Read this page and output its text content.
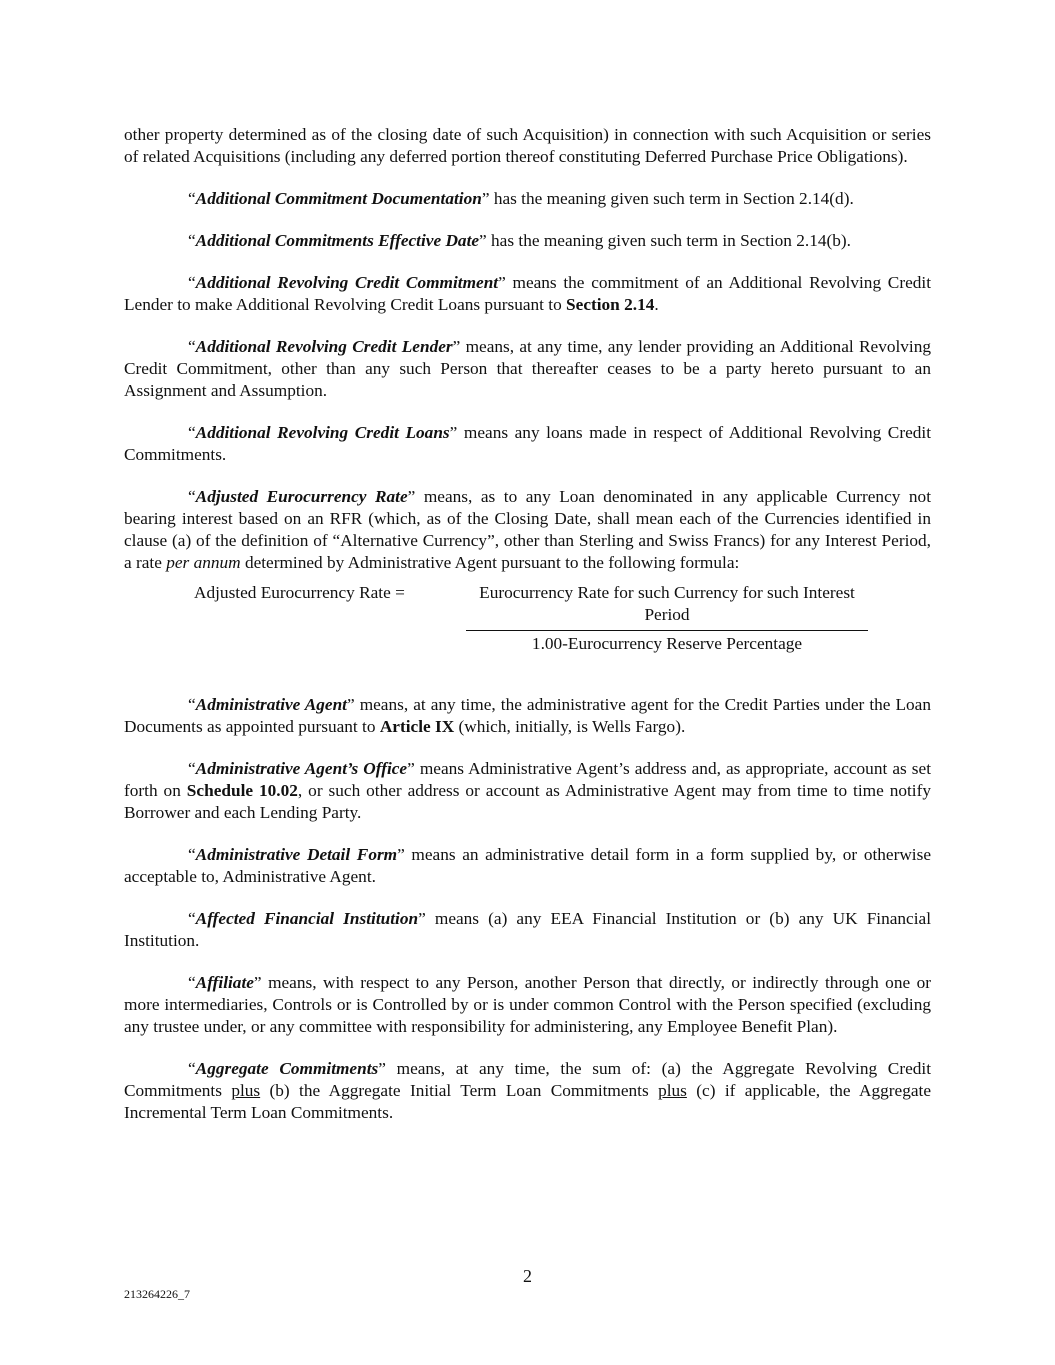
other property determined as of the closing date of such Acquisition) in connection with such Acquisition or series of related Acquisitions (including any deferred portion thereof constituting Deferred Purchase Price Obligations).

“Additional Commitment Documentation” has the meaning given such term in Section 2.14(d).

“Additional Commitments Effective Date” has the meaning given such term in Section 2.14(b).

“Additional Revolving Credit Commitment” means the commitment of an Additional Revolving Credit Lender to make Additional Revolving Credit Loans pursuant to Section 2.14.

“Additional Revolving Credit Lender” means, at any time, any lender providing an Additional Revolving Credit Commitment, other than any such Person that thereafter ceases to be a party hereto pursuant to an Assignment and Assumption.

“Additional Revolving Credit Loans” means any loans made in respect of Additional Revolving Credit Commitments.

“Adjusted Eurocurrency Rate” means, as to any Loan denominated in any applicable Currency not bearing interest based on an RFR (which, as of the Closing Date, shall mean each of the Currencies identified in clause (a) of the definition of “Alternative Currency”, other than Sterling and Swiss Francs) for any Interest Period, a rate per annum determined by Administrative Agent pursuant to the following formula:

Adjusted Eurocurrency Rate =	Eurocurrency Rate for such Currency for such Interest Period
1.00-Eurocurrency Reserve Percentage

“Administrative Agent” means, at any time, the administrative agent for the Credit Parties under the Loan Documents as appointed pursuant to Article IX (which, initially, is Wells Fargo).

“Administrative Agent’s Office” means Administrative Agent’s address and, as appropriate, account as set forth on Schedule 10.02, or such other address or account as Administrative Agent may from time to time notify Borrower and each Lending Party.

“Administrative Detail Form” means an administrative detail form in a form supplied by, or otherwise acceptable to, Administrative Agent.

“Affected Financial Institution” means (a) any EEA Financial Institution or (b) any UK Financial Institution.

“Affiliate” means, with respect to any Person, another Person that directly, or indirectly through one or more intermediaries, Controls or is Controlled by or is under common Control with the Person specified (excluding any trustee under, or any committee with responsibility for administering, any Employee Benefit Plan).

“Aggregate Commitments” means, at any time, the sum of: (a) the Aggregate Revolving Credit Commitments plus (b) the Aggregate Initial Term Loan Commitments plus (c) if applicable, the Aggregate Incremental Term Loan Commitments.

2
213264226_7
